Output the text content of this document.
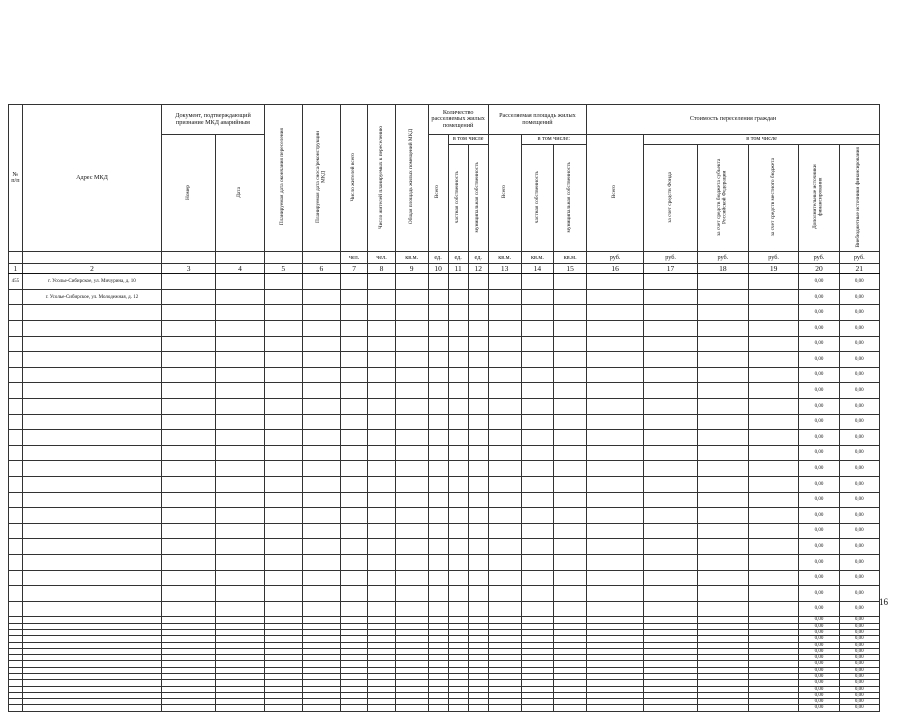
№ п/п	Адрес МКД	Документ, подтверждающий признание МКД аварийным		Планируемая дата окончания переселения	Планируемая дата сноса/реконструкции МКД	Число жителей всего	Число жителей планируемых к переселению	Общая площадь жилых помещений МКД	Количество расселяемых жилых помещений			Расселяемая площадь жилых помещений			Стоимость переселения граждан					
		Номер	Дата						Всего	в том числе		Всего	в том числе:		Всего	в том числе				
										частная собственность	муниципальная собственность		частная собственность	муниципальная собственность		за счет средств Фонда	за счет средств бюджета субъекта Российской Федерации	за счет средств местного бюджета	Дополнительные источники финансирования	Внебюджетные источники финансирования
						чел.	чел.	кв.м.	ед.	ед.	ед.	кв.м.	кв.м.	кв.м.	руб.	руб.	руб.	руб.	руб.	руб.
1	2	3	4	5	6	7	8	9	10	11	12	13	14	15	16	17	18	19	20	21
455	г. Усолье-Сибирское, ул. Мичурина, д. 10																		0,00	0,00
	г. Усолье-Сибирское, ул. Молодежная, д. 12																		0,00	0,00
																			0,00	0,00
																			0,00	0,00
																			0,00	0,00
																			0,00	0,00
																			0,00	0,00
																			0,00	0,00
																			0,00	0,00
																			0,00	0,00
																			0,00	0,00
																			0,00	0,00
																			0,00	0,00
																			0,00	0,00
																			0,00	0,00
																			0,00	0,00
																			0,00	0,00
																			0,00	0,00
																			0,00	0,00
																			0,00	0,00
																			0,00	0,00
																			0,00	0,00
																			0,00	0,00
																			0,00	0,00
																			0,00	0,00
																			0,00	0,00
																			0,00	0,00
																			0,00	0,00
																			0,00	0,00
																			0,00	0,00
																			0,00	0,00
																			0,00	0,00
																			0,00	0,00
																			0,00	0,00
																			0,00	0,00
																			0,00	0,00
																			0,00	0,00
16
